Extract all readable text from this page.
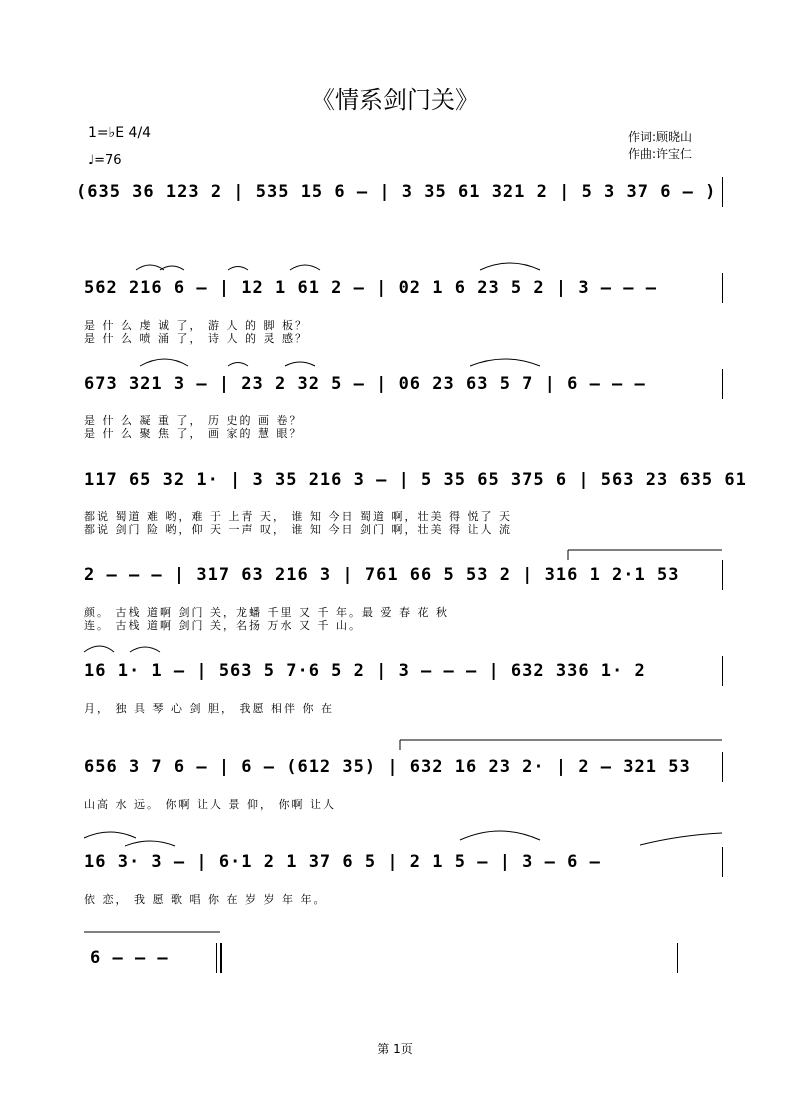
《情系剑门关》
1=♭E 4/4
♩=76
作词:顾晓山
作曲:许宝仁
(635 36 123 2 | 535 15 6 – | 3 35 61 321 2 | 5 3 37 6 – )
562 216 6 – | 12 1 61 2 – | 02 1 6 23 5 2 | 3 – – –
是 什 么 虔 诚 了， 游 人 的 脚 板？
是 什 么 喷 涌 了， 诗 人 的 灵 感？
673 321 3 – | 23 2 32 5 – | 06 23 63 5 7 | 6 – – –
是 什 么 凝 重 了， 历 史的 画 卷？
是 什 么 聚 焦 了， 画 家的 慧 眼？
117 65 32 1· | 3 35 216 3 – | 5 35 65 375 6 | 563 23 635 61
都说 蜀道 难 哟，难 于 上青 天， 谁 知 今日 蜀道 啊，壮美 得 悦了 天
都说 剑门 险 哟，仰 天 一声 叹， 谁 知 今日 剑门 啊，壮美 得 让人 流
2 – – – | 317 63 216 3 | 761 66 5 53 2 | 316 1 2·1 53
颜。 古栈 道啊 剑门 关，龙蟠 千里 又 千 年。最 爱 春 花 秋
连。 古栈 道啊 剑门 关，名扬 万水 又 千 山。
16 1· 1 – | 563 5 7·6 5 2 | 3 – – – | 632 336 1· 2
月， 独 具 琴 心 剑 胆， 我愿 相伴 你 在
656 3 7 6 – | 6 – (612 35) | 632 16 23 2· | 2 – 321 53
山高 水 远。 你啊 让人 景 仰， 你啊 让人
16 3· 3 – | 6·1 2 1 37 6 5 | 2 1 5 – | 3 – 6 –
依 恋， 我 愿 歌 唱 你 在 岁 岁 年 年。
6 – – –
第 1页
